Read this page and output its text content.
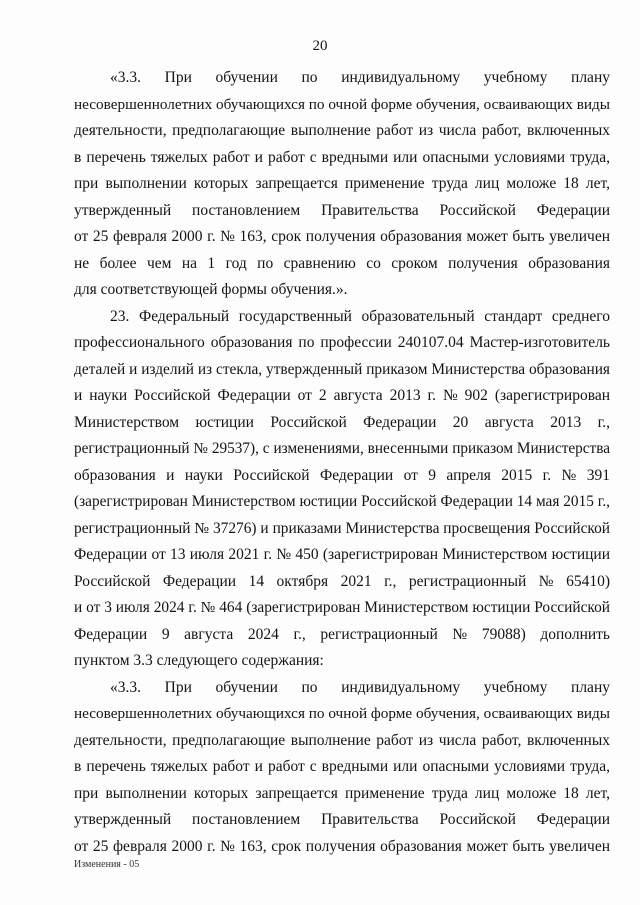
20

«3.3. При обучении по индивидуальному учебному плану
несовершеннолетних обучающихся по очной форме обучения, осваивающих виды
деятельности, предполагающие выполнение работ из числа работ, включенных
в перечень тяжелых работ и работ с вредными или опасными условиями труда,
при выполнении которых запрещается применение труда лиц моложе 18 лет,
утвержденный постановлением Правительства Российской Федерации
от 25 февраля 2000 г. № 163, срок получения образования может быть увеличен
не более чем на 1 год по сравнению со сроком получения образования
для соответствующей формы обучения.».

23. Федеральный государственный образовательный стандарт среднего
профессионального образования по профессии 240107.04 Мастер-изготовитель
деталей и изделий из стекла, утвержденный приказом Министерства образования
и науки Российской Федерации от 2 августа 2013 г. № 902 (зарегистрирован
Министерством юстиции Российской Федерации 20 августа 2013 г.,
регистрационный № 29537), с изменениями, внесенными приказом Министерства
образования и науки Российской Федерации от 9 апреля 2015 г. № 391
(зарегистрирован Министерством юстиции Российской Федерации 14 мая 2015 г.,
регистрационный № 37276) и приказами Министерства просвещения Российской
Федерации от 13 июля 2021 г. № 450 (зарегистрирован Министерством юстиции
Российской Федерации 14 октября 2021 г., регистрационный № 65410)
и от 3 июля 2024 г. № 464 (зарегистрирован Министерством юстиции Российской
Федерации 9 августа 2024 г., регистрационный № 79088) дополнить
пунктом 3.3 следующего содержания:

«3.3. При обучении по индивидуальному учебному плану
несовершеннолетних обучающихся по очной форме обучения, осваивающих виды
деятельности, предполагающие выполнение работ из числа работ, включенных
в перечень тяжелых работ и работ с вредными или опасными условиями труда,
при выполнении которых запрещается применение труда лиц моложе 18 лет,
утвержденный постановлением Правительства Российской Федерации
от 25 февраля 2000 г. № 163, срок получения образования может быть увеличен

Изменения - 05
